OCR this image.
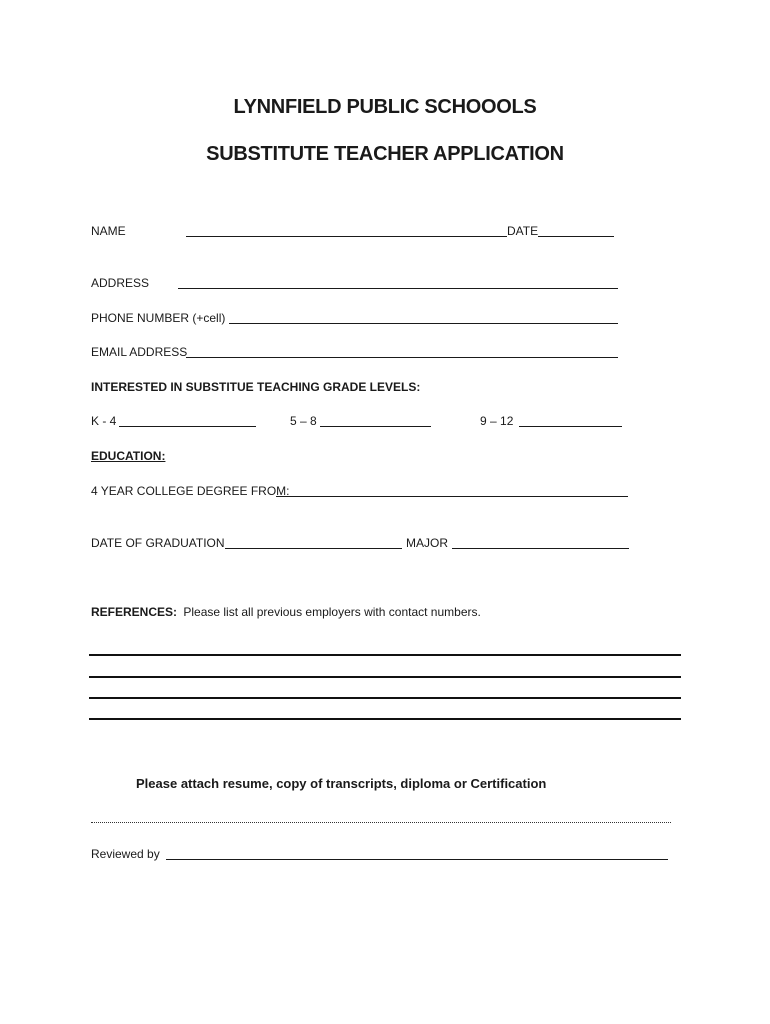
LYNNFIELD PUBLIC SCHOOOLS
SUBSTITUTE TEACHER APPLICATION
NAME	DATE
ADDRESS
PHONE NUMBER (+cell)
EMAIL ADDRESS
INTERESTED IN SUBSTITUE TEACHING GRADE LEVELS:
K - 4	5 – 8	9 – 12
EDUCATION:
4 YEAR COLLEGE DEGREE FROM:
DATE OF GRADUATION	MAJOR
REFERENCES: Please list all previous employers with contact numbers.
Please attach resume, copy of transcripts, diploma or Certification
Reviewed by
